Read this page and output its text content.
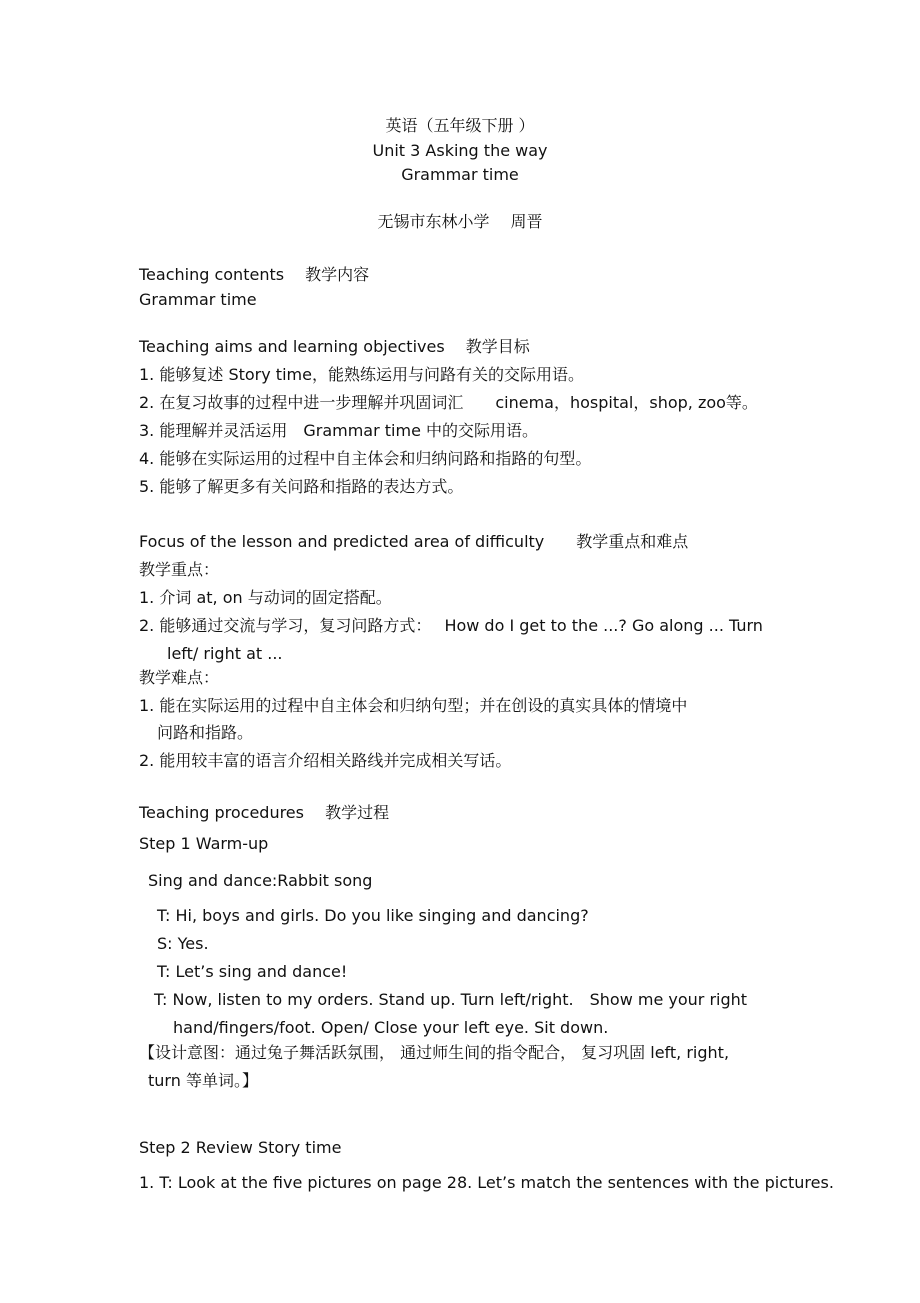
英语（五年级下册 ）
Unit 3 Asking the way
Grammar time
无锡市东林小学　 周晋
Teaching contents　 教学内容
Grammar time
Teaching aims and learning objectives　 教学目标
1. 能够复述 Story time，能熟练运用与问路有关的交际用语。
2. 在复习故事的过程中进一步理解并巩固词汇　　cinema，hospital，shop, zoo等。
3. 能理解并灵活运用　Grammar time 中的交际用语。
4. 能够在实际运用的过程中自主体会和归纳问路和指路的句型。
5. 能够了解更多有关问路和指路的表达方式。
Focus of the lesson and predicted area of difficulty　　教学重点和难点
教学重点：
1. 介词 at, on 与动词的固定搭配。
2. 能够通过交流与学习，复习问路方式：　 How do I get to the ...? Go along ... Turn
left/ right at ...
教学难点：
1. 能在实际运用的过程中自主体会和归纳句型；并在创设的真实具体的情境中
问路和指路。
2. 能用较丰富的语言介绍相关路线并完成相关写话。
Teaching procedures　 教学过程
Step 1 Warm-up
Sing and dance:Rabbit song
T: Hi, boys and girls. Do you like singing and dancing?
S: Yes.
T: Let’s sing and dance!
T: Now, listen to my orders. Stand up. Turn left/right.　Show me your right
hand/fingers/foot. Open/ Close your left eye. Sit down.
【设计意图：通过兔子舞活跃氛围， 通过师生间的指令配合， 复习巩固 left, right,
turn 等单词。】
Step 2 Review Story time
1. T: Look at the five pictures on page 28. Let’s match the sentences with the pictures.
